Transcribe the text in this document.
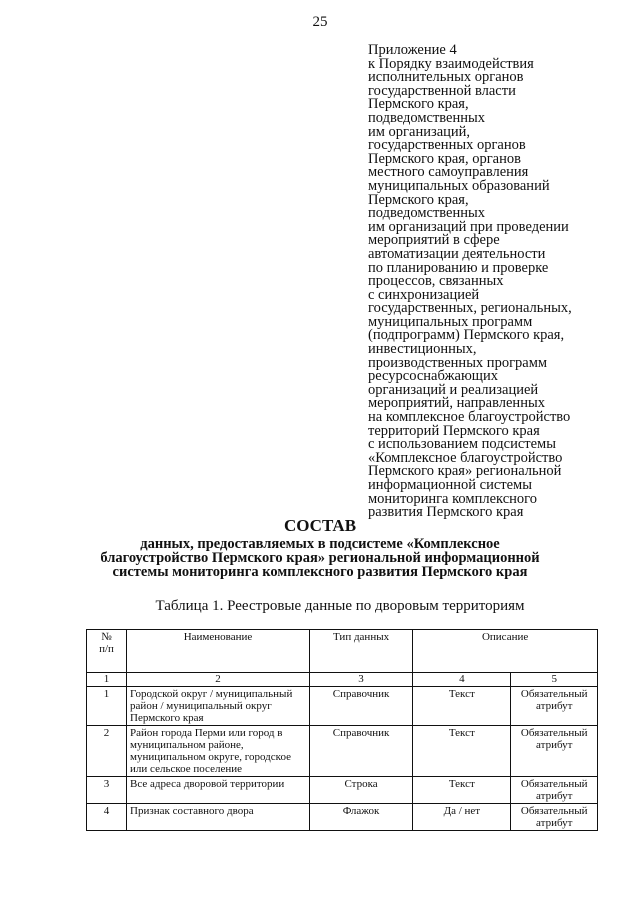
25
Приложение 4
к Порядку взаимодействия
исполнительных органов
государственной власти
Пермского края,
подведомственных
им организаций,
государственных органов
Пермского края, органов
местного самоуправления
муниципальных образований
Пермского края,
подведомственных
им организаций при проведении
мероприятий в сфере
автоматизации деятельности
по планированию и проверке
процессов, связанных
с синхронизацией
государственных, региональных,
муниципальных программ
(подпрограмм) Пермского края,
инвестиционных,
производственных программ
ресурсоснабжающих
организаций и реализацией
мероприятий, направленных
на комплексное благоустройство
территорий Пермского края
с использованием подсистемы
«Комплексное благоустройство
Пермского края» региональной
информационной системы
мониторинга комплексного
развития Пермского края
СОСТАВ
данных, предоставляемых в подсистеме «Комплексное
благоустройство Пермского края» региональной информационной
системы мониторинга комплексного развития Пермского края
Таблица 1. Реестровые данные по дворовым территориям
№
п/п	Наименование	Тип данных	Описание	
1	2	3	4	5
1	Городской округ / муниципальный район / муниципальный округ Пермского края	Справочник	Текст	Обязательный атрибут
2	Район города Перми или город в муниципальном районе, муниципальном округе, городское или сельское поселение	Справочник	Текст	Обязательный атрибут
3	Все адреса дворовой территории	Строка	Текст	Обязательный атрибут
4	Признак составного двора	Флажок	Да / нет	Обязательный атрибут
